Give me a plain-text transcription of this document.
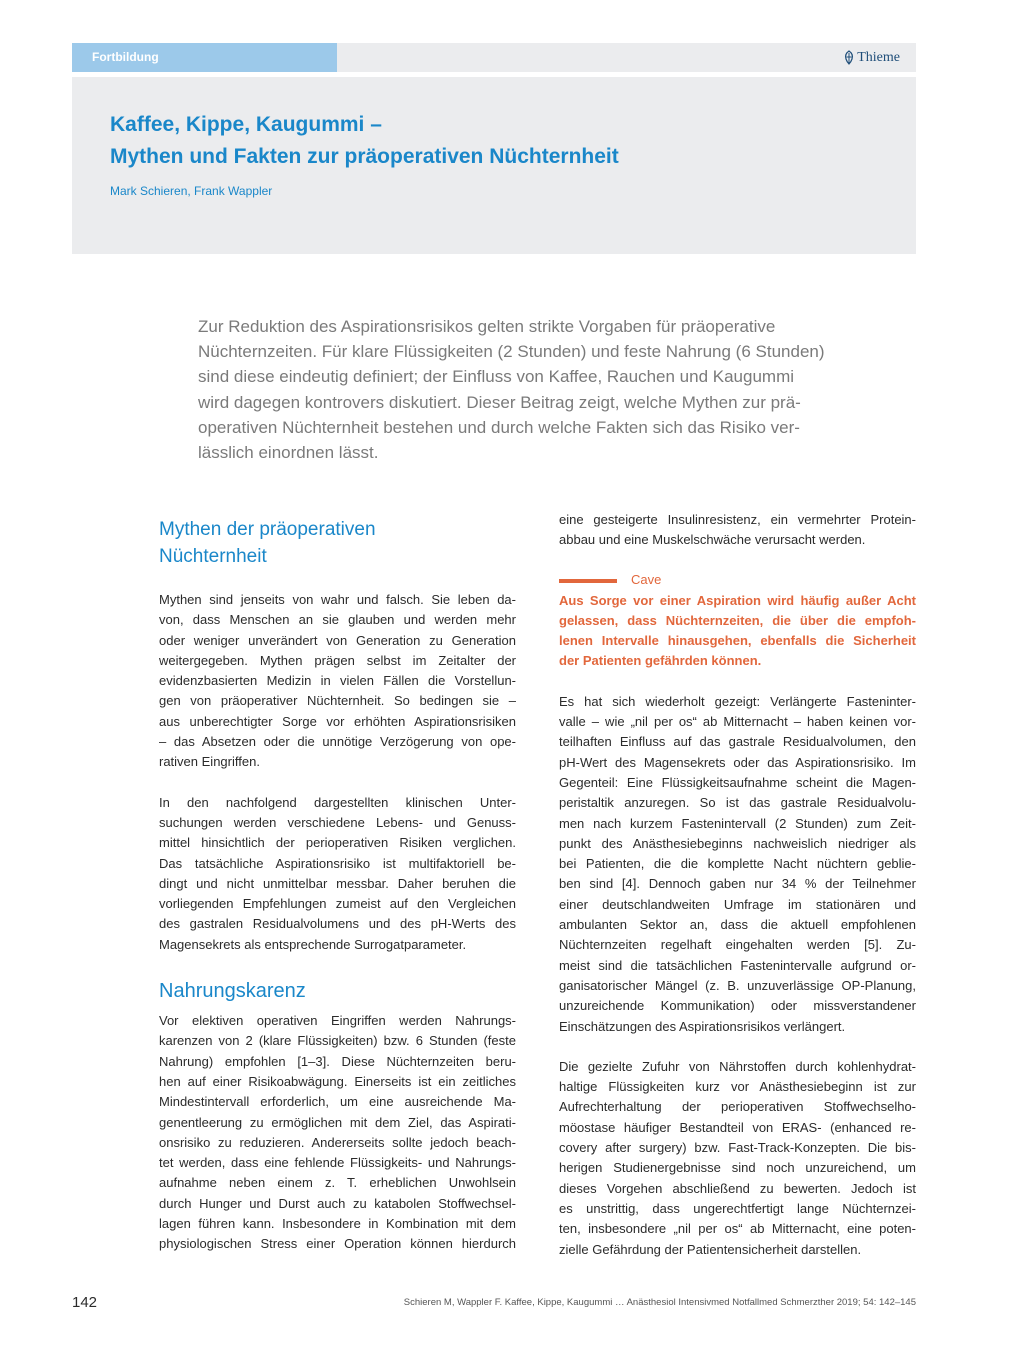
Fortbildung	Thieme
Kaffee, Kippe, Kaugummi –
Mythen und Fakten zur präoperativen Nüchternheit
Mark Schieren, Frank Wappler
Zur Reduktion des Aspirationsrisikos gelten strikte Vorgaben für präoperative
Nüchternzeiten. Für klare Flüssigkeiten (2 Stunden) und feste Nahrung (6 Stunden)
sind diese eindeutig definiert; der Einfluss von Kaffee, Rauchen und Kaugummi
wird dagegen kontrovers diskutiert. Dieser Beitrag zeigt, welche Mythen zur prä-
operativen Nüchternheit bestehen und durch welche Fakten sich das Risiko ver-
lässlich einordnen lässt.
Mythen der präoperativen
Nüchternheit
Mythen sind jenseits von wahr und falsch. Sie leben da-
von, dass Menschen an sie glauben und werden mehr
oder weniger unverändert von Generation zu Generation
weitergegeben. Mythen prägen selbst im Zeitalter der
evidenzbasierten Medizin in vielen Fällen die Vorstellun-
gen von präoperativer Nüchternheit. So bedingen sie –
aus unberechtigter Sorge vor erhöhten Aspirationsrisiken
– das Absetzen oder die unnötige Verzögerung von ope-
rativen Eingriffen.
In den nachfolgend dargestellten klinischen Unter-
suchungen werden verschiedene Lebens- und Genuss-
mittel hinsichtlich der perioperativen Risiken verglichen.
Das tatsächliche Aspirationsrisiko ist multifaktoriell be-
dingt und nicht unmittelbar messbar. Daher beruhen die
vorliegenden Empfehlungen zumeist auf den Vergleichen
des gastralen Residualvolumens und des pH-Werts des
Magensekrets als entsprechende Surrogatparameter.
Nahrungskarenz
Vor elektiven operativen Eingriffen werden Nahrungs-
karenzen von 2 (klare Flüssigkeiten) bzw. 6 Stunden (feste
Nahrung) empfohlen [1–3]. Diese Nüchternzeiten beru-
hen auf einer Risikoabwägung. Einerseits ist ein zeitliches
Mindestintervall erforderlich, um eine ausreichende Ma-
genentleerung zu ermöglichen mit dem Ziel, das Aspirati-
onsrisiko zu reduzieren. Andererseits sollte jedoch beach-
tet werden, dass eine fehlende Flüssigkeits- und Nahrungs-
aufnahme neben einem z. T. erheblichen Unwohlsein
durch Hunger und Durst auch zu katabolen Stoffwechsel-
lagen führen kann. Insbesondere in Kombination mit dem
physiologischen Stress einer Operation können hierdurch
eine gesteigerte Insulinresistenz, ein vermehrter Protein-
abbau und eine Muskelschwäche verursacht werden.
Cave
Aus Sorge vor einer Aspiration wird häufig außer Acht
gelassen, dass Nüchternzeiten, die über die empfoh-
lenen Intervalle hinausgehen, ebenfalls die Sicherheit
der Patienten gefährden können.
Es hat sich wiederholt gezeigt: Verlängerte Fasteninter-
valle – wie „nil per os“ ab Mitternacht – haben keinen vor-
teilhaften Einfluss auf das gastrale Residualvolumen, den
pH-Wert des Magensekrets oder das Aspirationsrisiko. Im
Gegenteil: Eine Flüssigkeitsaufnahme scheint die Magen-
peristaltik anzuregen. So ist das gastrale Residualvolu-
men nach kurzem Fastenintervall (2 Stunden) zum Zeit-
punkt des Anästhesiebeginns nachweislich niedriger als
bei Patienten, die die komplette Nacht nüchtern geblie-
ben sind [4]. Dennoch gaben nur 34 % der Teilnehmer
einer deutschlandweiten Umfrage im stationären und
ambulanten Sektor an, dass die aktuell empfohlenen
Nüchternzeiten regelhaft eingehalten werden [5]. Zu-
meist sind die tatsächlichen Fastenintervalle aufgrund or-
ganisatorischer Mängel (z. B. unzuverlässige OP-Planung,
unzureichende Kommunikation) oder missverstandener
Einschätzungen des Aspirationsrisikos verlängert.
Die gezielte Zufuhr von Nährstoffen durch kohlenhydrat-
haltige Flüssigkeiten kurz vor Anästhesiebeginn ist zur
Aufrechterhaltung der perioperativen Stoffwechselho-
möostase häufiger Bestandteil von ERAS- (enhanced re-
covery after surgery) bzw. Fast-Track-Konzepten. Die bis-
herigen Studienergebnisse sind noch unzureichend, um
dieses Vorgehen abschließend zu bewerten. Jedoch ist
es unstrittig, dass ungerechtfertigt lange Nüchternzei-
ten, insbesondere „nil per os“ ab Mitternacht, eine poten-
zielle Gefährdung der Patientensicherheit darstellen.
142	Schieren M, Wappler F. Kaffee, Kippe, Kaugummi … Anästhesiol Intensivmed Notfallmed Schmerzther 2019; 54: 142–145
